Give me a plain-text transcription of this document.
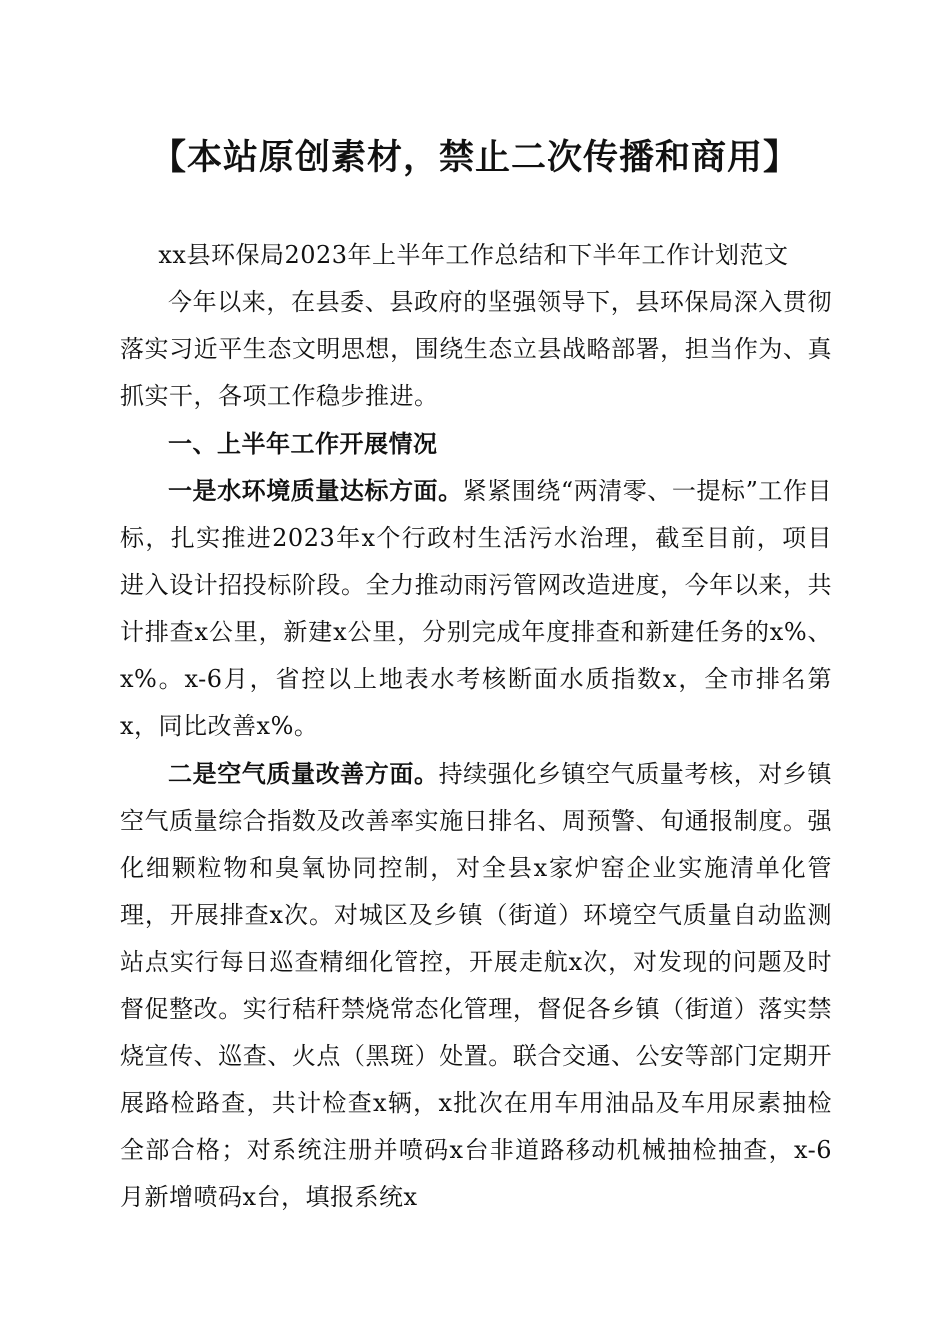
【本站原创素材，禁止二次传播和商用】

xx县环保局2023年上半年工作总结和下半年工作计划范文

今年以来，在县委、县政府的坚强领导下，县环保局深入贯彻落实习近平生态文明思想，围绕生态立县战略部署，担当作为、真抓实干，各项工作稳步推进。

一、上半年工作开展情况

一是水环境质量达标方面。紧紧围绕“两清零、一提标”工作目标，扎实推进2023年x个行政村生活污水治理，截至目前，项目进入设计招投标阶段。全力推动雨污管网改造进度，今年以来，共计排查x公里，新建x公里，分别完成年度排查和新建任务的x%、x%。x-6月，省控以上地表水考核断面水质指数x，全市排名第x，同比改善x%。

二是空气质量改善方面。持续强化乡镇空气质量考核，对乡镇空气质量综合指数及改善率实施日排名、周预警、旬通报制度。强化细颗粒物和臭氧协同控制，对全县x家炉窑企业实施清单化管理，开展排查x次。对城区及乡镇（街道）环境空气质量自动监测站点实行每日巡查精细化管控，开展走航x次，对发现的问题及时督促整改。实行秸秆禁烧常态化管理，督促各乡镇（街道）落实禁烧宣传、巡查、火点（黑斑）处置。联合交通、公安等部门定期开展路检路查，共计检查x辆，x批次在用车用油品及车用尿素抽检全部合格；对系统注册并喷码x台非道路移动机械抽检抽查，x-6月新增喷码x台，填报系统x
